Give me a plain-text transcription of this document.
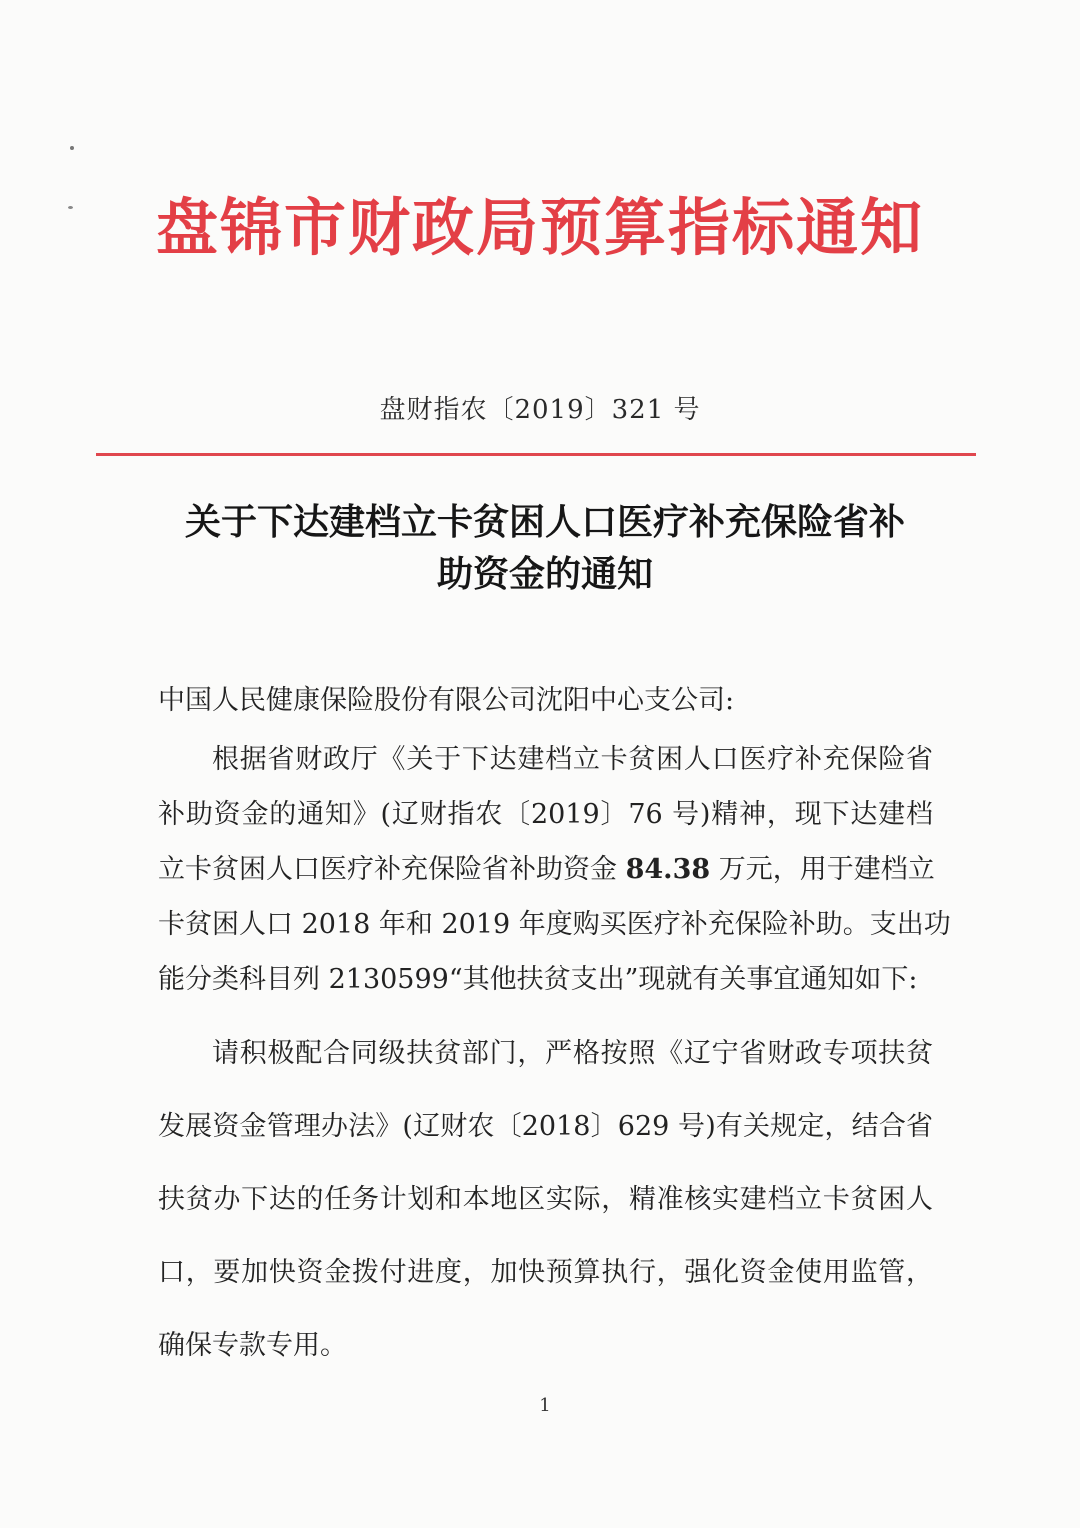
盘锦市财政局预算指标通知
盘财指农〔2019〕321 号
关于下达建档立卡贫困人口医疗补充保险省补
助资金的通知
中国人民健康保险股份有限公司沈阳中心支公司:
根据省财政厅《关于下达建档立卡贫困人口医疗补充保险省
补助资金的通知》(辽财指农〔2019〕76 号)精神，现下达建档
立卡贫困人口医疗补充保险省补助资金 84.38 万元，用于建档立
卡贫困人口 2018 年和 2019 年度购买医疗补充保险补助。支出功
能分类科目列 2130599“其他扶贫支出”现就有关事宜通知如下:
请积极配合同级扶贫部门，严格按照《辽宁省财政专项扶贫
发展资金管理办法》(辽财农〔2018〕629 号)有关规定，结合省
扶贫办下达的任务计划和本地区实际，精准核实建档立卡贫困人
口，要加快资金拨付进度，加快预算执行，强化资金使用监管，
确保专款专用。
1
